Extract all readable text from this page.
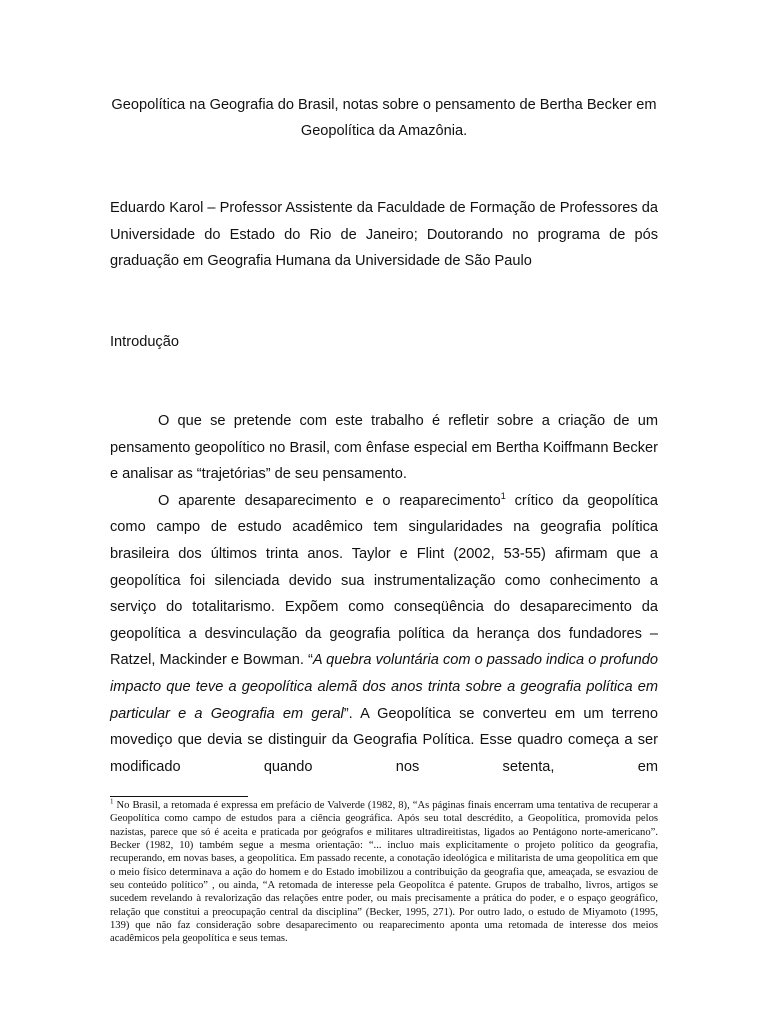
Geopolítica na Geografia do Brasil, notas sobre o pensamento de Bertha Becker em Geopolítica da Amazônia.

Eduardo Karol – Professor Assistente da Faculdade de Formação de Professores da Universidade do Estado do Rio de Janeiro; Doutorando no programa de pós graduação em Geografia Humana da Universidade de São Paulo

Introdução

O que se pretende com este trabalho é refletir sobre a criação de um pensamento geopolítico no Brasil, com ênfase especial em Bertha Koiffmann Becker e analisar as “trajetórias” de seu pensamento.

O aparente desaparecimento e o reaparecimento$^1$ crítico da geopolítica como campo de estudo acadêmico tem singularidades na geografia política brasileira dos últimos trinta anos. Taylor e Flint (2002, 53-55) afirmam que a geopolítica foi silenciada devido sua instrumentalização como conhecimento a serviço do totalitarismo. Expõem como conseqüência do desaparecimento da geopolítica a desvinculação da geografia política da herança dos fundadores – Ratzel, Mackinder e Bowman. “A quebra voluntária com o passado indica o profundo impacto que teve a geopolítica alemã dos anos trinta sobre a geografia política em particular e a Geografia em geral”. A Geopolítica se converteu em um terreno movediço que devia se distinguir da Geografia Política. Esse quadro começa a ser modificado quando nos setenta, em

$^1$ No Brasil, a retomada é expressa em prefácio de Valverde (1982, 8), “As páginas finais encerram uma tentativa de recuperar a Geopolítica como campo de estudos para a ciência geográfica. Após seu total descrédito, a Geopolítica, promovida pelos nazistas, parece que só é aceita e praticada por geógrafos e militares ultradireitistas, ligados ao Pentágono norte-americano”. Becker (1982, 10) também segue a mesma orientação: “... incluo mais explicitamente o projeto político da geografia, recuperando, em novas bases, a geopolítica. Em passado recente, a conotação ideológica e militarista de uma geopolítica em que o meio físico determinava a ação do homem e do Estado imobilizou a contribuição da geografia que, ameaçada, se esvaziou de seu conteúdo político” , ou ainda, “A retomada de interesse pela Geopolítca é patente. Grupos de trabalho, livros, artigos se sucedem revelando à revalorização das relações entre poder, ou mais precisamente a prática do poder, e o espaço geográfico, relação que constitui a preocupação central da disciplina” (Becker, 1995, 271). Por outro lado, o estudo de Miyamoto (1995, 139) que não faz consideração sobre desaparecimento ou reaparecimento aponta uma retomada de interesse dos meios acadêmicos pela geopolítica e seus temas.
